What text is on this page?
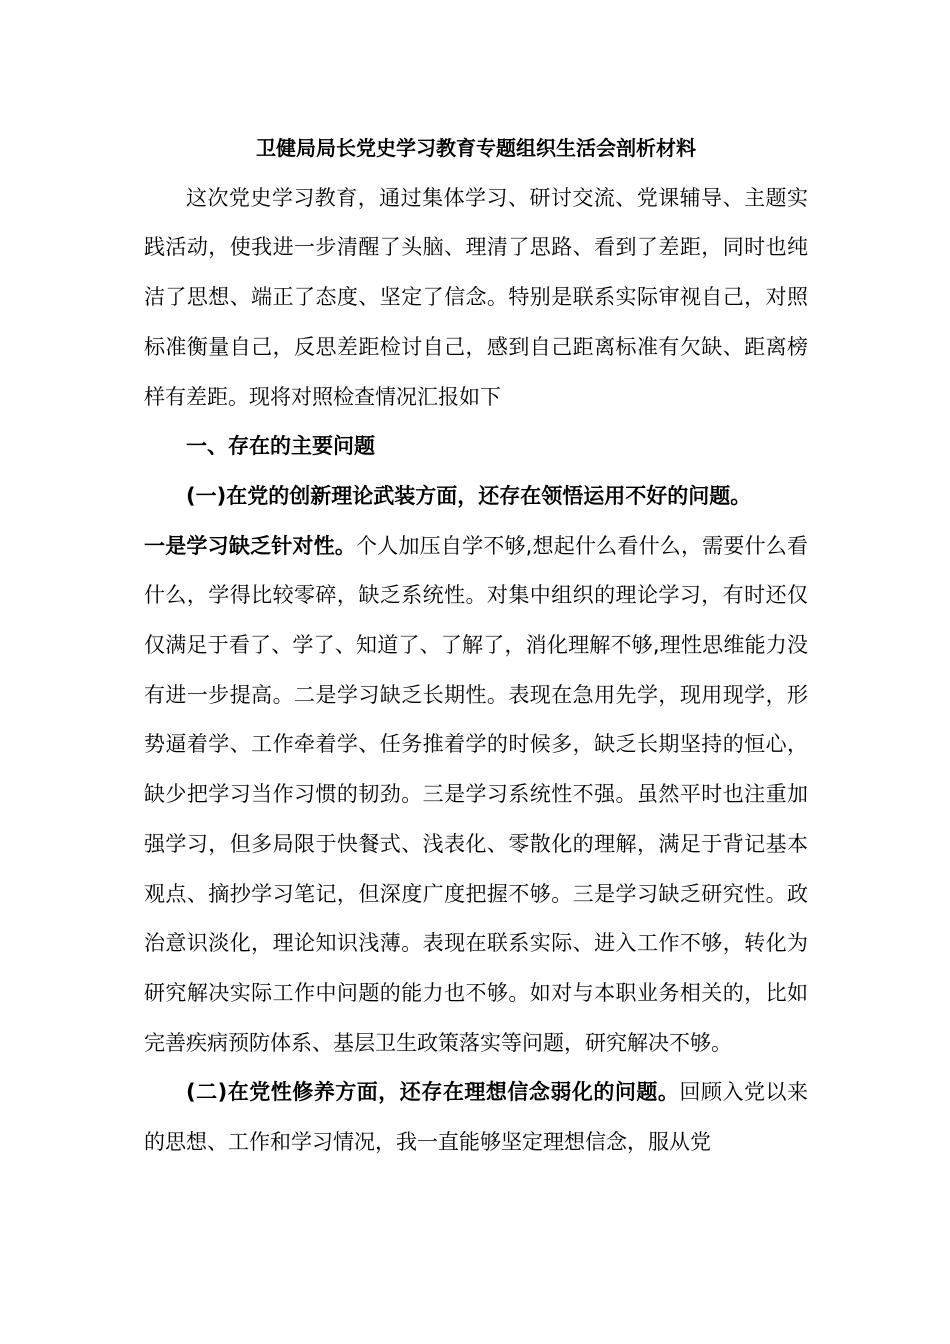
卫健局局长党史学习教育专题组织生活会剖析材料

这次党史学习教育，通过集体学习、研讨交流、党课辅导、主题实践活动，使我进一步清醒了头脑、理清了思路、看到了差距，同时也纯洁了思想、端正了态度、坚定了信念。特别是联系实际审视自己，对照标准衡量自己，反思差距检讨自己，感到自己距离标准有欠缺、距离榜样有差距。现将对照检查情况汇报如下

一、存在的主要问题

(一)在党的创新理论武装方面，还存在领悟运用不好的问题。

一是学习缺乏针对性。个人加压自学不够,想起什么看什么，需要什么看什么，学得比较零碎，缺乏系统性。对集中组织的理论学习，有时还仅仅满足于看了、学了、知道了、了解了，消化理解不够,理性思维能力没有进一步提高。二是学习缺乏长期性。表现在急用先学，现用现学，形势逼着学、工作牵着学、任务推着学的时候多，缺乏长期坚持的恒心，缺少把学习当作习惯的韧劲。三是学习系统性不强。虽然平时也注重加强学习，但多局限于快餐式、浅表化、零散化的理解，满足于背记基本观点、摘抄学习笔记，但深度广度把握不够。三是学习缺乏研究性。政治意识淡化，理论知识浅薄。表现在联系实际、进入工作不够，转化为研究解决实际工作中问题的能力也不够。如对与本职业务相关的，比如完善疾病预防体系、基层卫生政策落实等问题，研究解决不够。

(二)在党性修养方面，还存在理想信念弱化的问题。回顾入党以来的思想、工作和学习情况，我一直能够坚定理想信念，服从党
